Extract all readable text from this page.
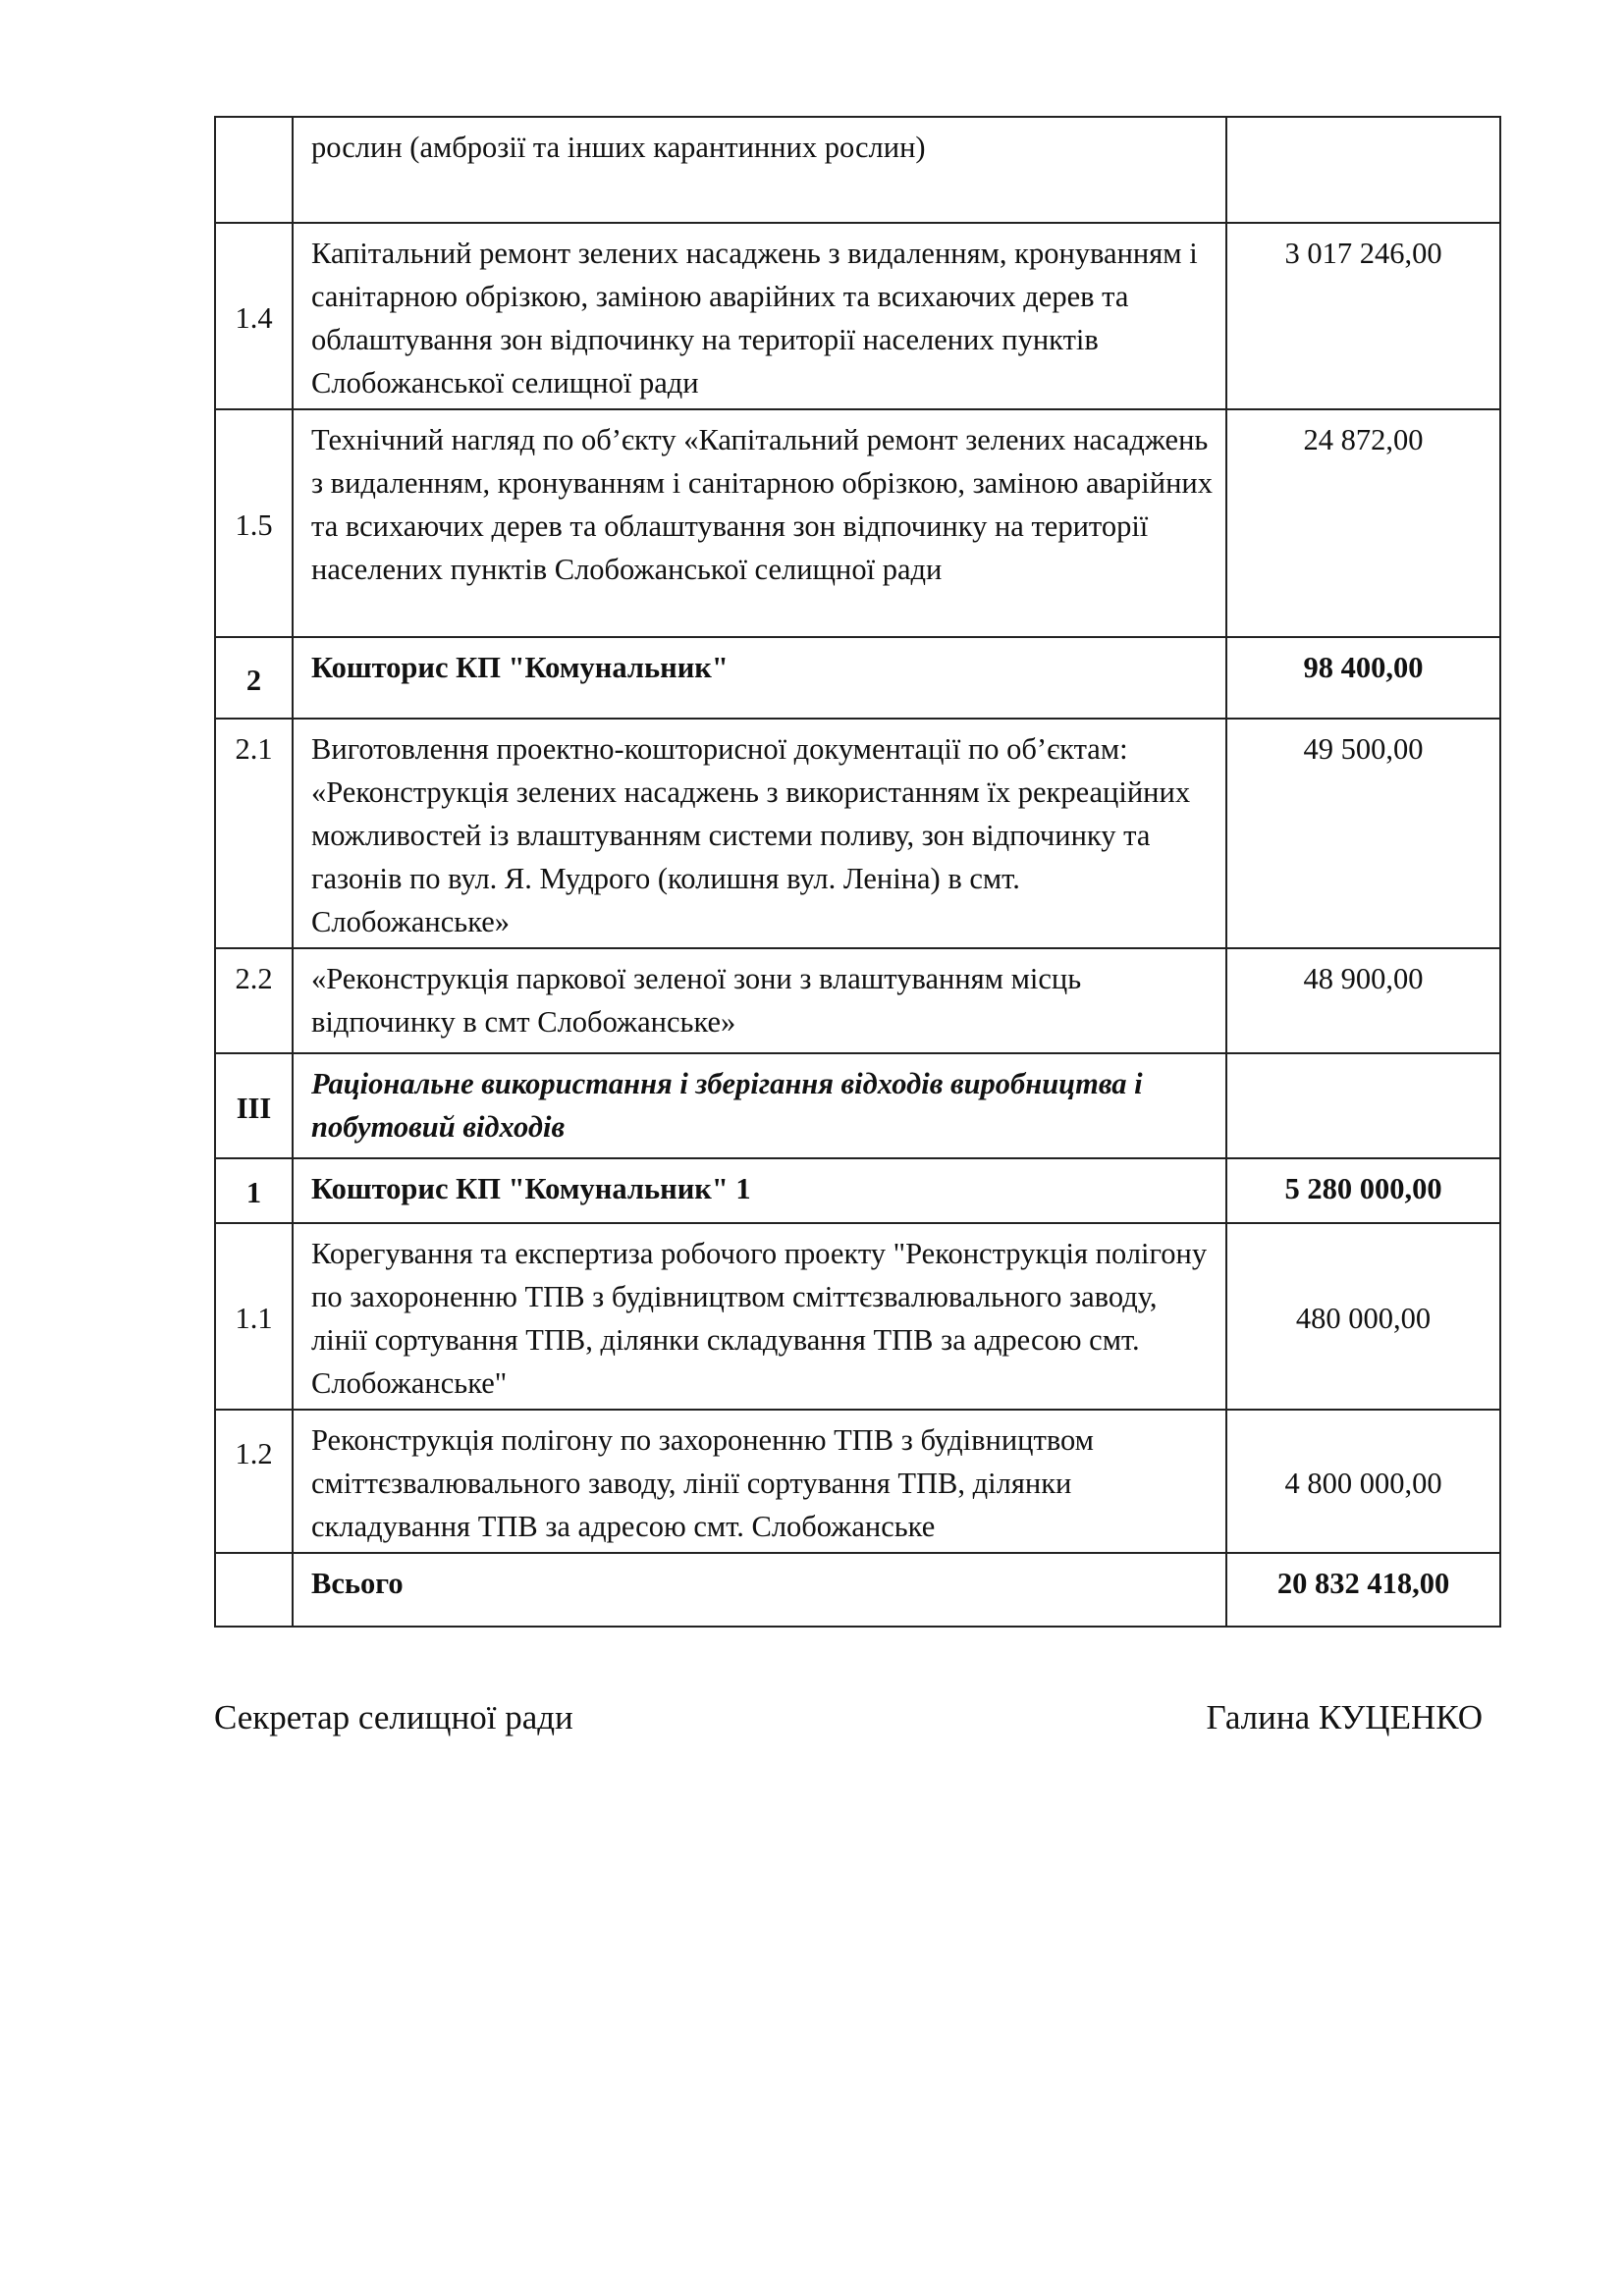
	рослин (амброзії та інших карантинних рослин)	
1.4	Капітальний ремонт зелених насаджень з видаленням, кронуванням і санітарною обрізкою, заміною аварійних та всихаючих дерев та облаштування зон відпочинку на території населених пунктів Слобожанської селищної ради	3 017 246,00
1.5	Технічний нагляд по об’єкту «Капітальний ремонт зелених насаджень з видаленням, кронуванням і санітарною обрізкою, заміною аварійних та всихаючих дерев та облаштування зон відпочинку на території населених пунктів Слобожанської селищної ради	24 872,00
2	Кошторис КП "Комунальник"	98 400,00
2.1	Виготовлення проектно-кошторисної документації по об’єктам: «Реконструкція зелених насаджень з використанням їх рекреаційних можливостей із влаштуванням системи поливу, зон відпочинку та газонів по вул. Я. Мудрого (колишня вул. Леніна) в смт. Слобожанське»	49 500,00
2.2	«Реконструкція паркової зеленої зони з влаштуванням місць відпочинку в смт Слобожанське»	48 900,00
III	Раціональне використання і зберігання відходів виробництва і побутовий відходів	
1	Кошторис КП "Комунальник" 1	5 280 000,00
1.1	Корегування та експертиза робочого проекту "Реконструкція полігону по захороненню ТПВ з будівництвом сміттєзвалювального заводу, лінії сортування ТПВ, ділянки складування ТПВ за адресою смт. Слобожанське"	480 000,00
1.2	Реконструкція полігону по захороненню ТПВ з будівництвом сміттєзвалювального заводу, лінії сортування ТПВ, ділянки складування ТПВ за адресою смт. Слобожанське	4 800 000,00
	Всього	20 832 418,00
Секретар селищної ради	Галина КУЦЕНКО
